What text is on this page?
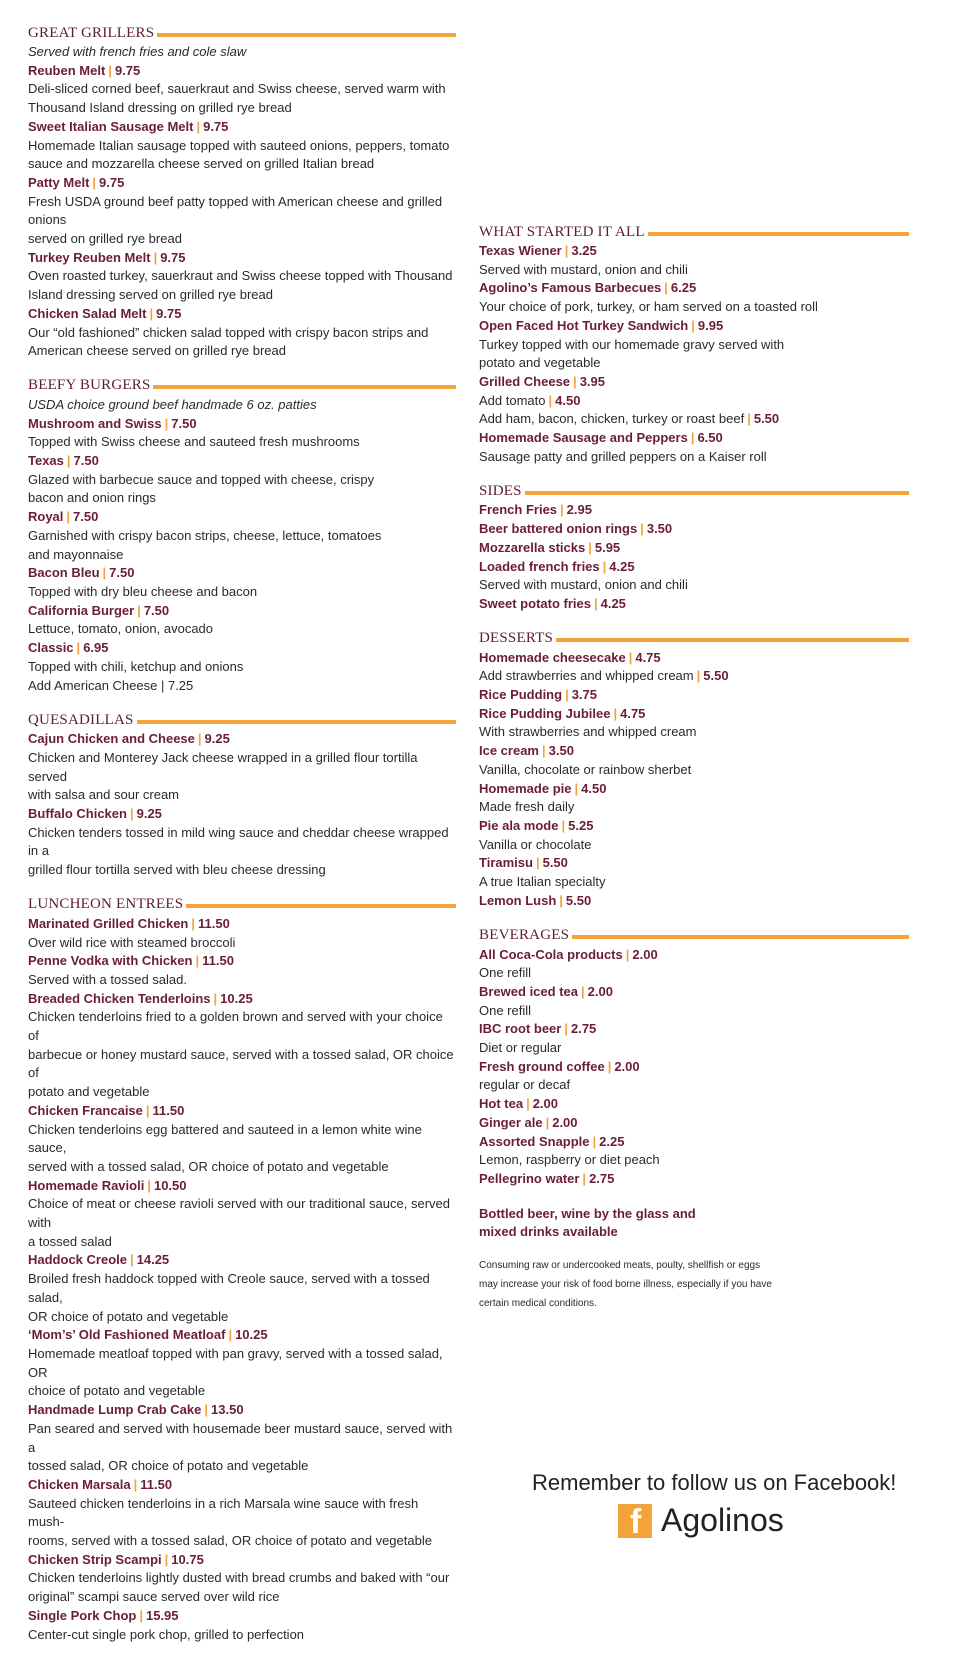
GREAT GRILLERS
Served with french fries and cole slaw
Reuben Melt | 9.75
Deli-sliced corned beef, sauerkraut and Swiss cheese, served warm with
Thousand Island dressing on grilled rye bread
Sweet Italian Sausage Melt | 9.75
Homemade Italian sausage topped with sauteed onions, peppers, tomato
sauce and mozzarella cheese served on grilled Italian bread
Patty Melt | 9.75
Fresh USDA ground beef patty topped with American cheese and grilled onions
served on grilled rye bread
Turkey Reuben Melt | 9.75
Oven roasted turkey, sauerkraut and Swiss cheese topped with Thousand
Island dressing served on grilled rye bread
Chicken Salad Melt | 9.75
Our “old fashioned” chicken salad topped with crispy bacon strips and
American cheese served on grilled rye bread
BEEFY BURGERS
USDA choice ground beef handmade 6 oz. patties
Mushroom and Swiss | 7.50
Topped with Swiss cheese and sauteed fresh mushrooms
Texas | 7.50
Glazed with barbecue sauce and topped with cheese, crispy
bacon and onion rings
Royal | 7.50
Garnished with crispy bacon strips, cheese, lettuce, tomatoes
and mayonnaise
Bacon Bleu | 7.50
Topped with dry bleu cheese and bacon
California Burger | 7.50
Lettuce, tomato, onion, avocado
Classic | 6.95
Topped with chili, ketchup and onions
Add American Cheese | 7.25
QUESADILLAS
Cajun Chicken and Cheese | 9.25
Chicken and Monterey Jack cheese wrapped in a grilled flour tortilla served
with salsa and sour cream
Buffalo Chicken | 9.25
Chicken tenders tossed in mild wing sauce and cheddar cheese wrapped in a
grilled flour tortilla served with bleu cheese dressing
LUNCHEON ENTREES
Marinated Grilled Chicken | 11.50
Over wild rice with steamed broccoli
Penne Vodka with Chicken | 11.50
Served with a tossed salad.
Breaded Chicken Tenderloins | 10.25
Chicken tenderloins fried to a golden brown and served with your choice of
barbecue or honey mustard sauce, served with a tossed salad, OR choice of
potato and vegetable
Chicken Francaise | 11.50
Chicken tenderloins egg battered and sauteed in a lemon white wine sauce,
served with a tossed salad, OR choice of potato and vegetable
Homemade Ravioli | 10.50
Choice of meat or cheese ravioli served with our traditional sauce, served with
a tossed salad
Haddock Creole | 14.25
Broiled fresh haddock topped with Creole sauce, served with a tossed salad,
OR choice of potato and vegetable
‘Mom’s’ Old Fashioned Meatloaf | 10.25
Homemade meatloaf topped with pan gravy, served with a tossed salad, OR
choice of potato and vegetable
Handmade Lump Crab Cake | 13.50
Pan seared and served with housemade beer mustard sauce, served with a
tossed salad, OR choice of potato and vegetable
Chicken Marsala | 11.50
Sauteed chicken tenderloins in a rich Marsala wine sauce with fresh mush-
rooms, served with a tossed salad, OR choice of potato and vegetable
Chicken Strip Scampi | 10.75
Chicken tenderloins lightly dusted with bread crumbs and baked with “our
original” scampi sauce served over wild rice
Single Pork Chop | 15.95
Center-cut single pork chop, grilled to perfection
WHAT STARTED IT ALL
Texas Wiener | 3.25
Served with mustard, onion and chili
Agolino’s Famous Barbecues | 6.25
Your choice of pork, turkey, or ham served on a toasted roll
Open Faced Hot Turkey Sandwich | 9.95
Turkey topped with our homemade gravy served with
potato and vegetable
Grilled Cheese | 3.95
Add tomato | 4.50
Add ham, bacon, chicken, turkey or roast beef | 5.50
Homemade Sausage and Peppers | 6.50
Sausage patty and grilled peppers on a Kaiser roll
SIDES
French Fries | 2.95
Beer battered onion rings | 3.50
Mozzarella sticks | 5.95
Loaded french fries | 4.25
Served with mustard, onion and chili
Sweet potato fries | 4.25
DESSERTS
Homemade cheesecake | 4.75
Add strawberries and whipped cream | 5.50
Rice Pudding | 3.75
Rice Pudding Jubilee | 4.75
With strawberries and whipped cream
Ice cream | 3.50
Vanilla, chocolate or rainbow sherbet
Homemade pie | 4.50
Made fresh daily
Pie ala mode | 5.25
Vanilla or chocolate
Tiramisu | 5.50
A true Italian specialty
Lemon Lush | 5.50
BEVERAGES
All Coca-Cola products | 2.00
One refill
Brewed iced tea | 2.00
One refill
IBC root beer | 2.75
Diet or regular
Fresh ground coffee | 2.00
regular or decaf
Hot tea | 2.00
Ginger ale | 2.00
Assorted Snapple | 2.25
Lemon, raspberry or diet peach
Pellegrino water | 2.75
Bottled beer, wine by the glass and
mixed drinks available
Consuming raw or undercooked meats, poulty, shellfish or eggs
may increase your risk of food borne illness, especially if you have
certain medical conditions.
Remember to follow us on Facebook!
f Agolinos
